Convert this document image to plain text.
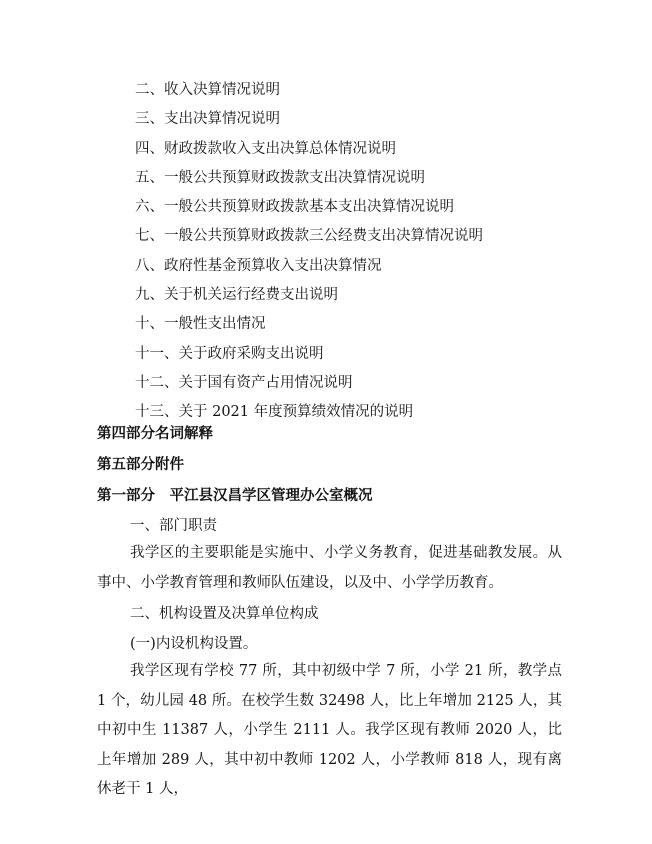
二、收入决算情况说明
三、支出决算情况说明
四、财政拨款收入支出决算总体情况说明
五、一般公共预算财政拨款支出决算情况说明
六、一般公共预算财政拨款基本支出决算情况说明
七、一般公共预算财政拨款三公经费支出决算情况说明
八、政府性基金预算收入支出决算情况
九、关于机关运行经费支出说明
十、一般性支出情况
十一、关于政府采购支出说明
十二、关于国有资产占用情况说明
十三、关于 2021 年度预算绩效情况的说明
第四部分名词解释
第五部分附件
第一部分　平江县汉昌学区管理办公室概况
一、部门职责

我学区的主要职能是实施中、小学义务教育，促进基础教发展。从事中、小学教育管理和教师队伍建设，以及中、小学学历教育。

二、机构设置及决算单位构成
(一)内设机构设置。

我学区现有学校 77 所，其中初级中学 7 所，小学 21 所，教学点 1 个，幼儿园 48 所。在校学生数 32498 人，比上年增加 2125 人，其中初中生 11387 人，小学生 2111 人。我学区现有教师 2020 人，比上年增加 289 人，其中初中教师 1202 人，小学教师 818 人，现有离休老干 1 人，
